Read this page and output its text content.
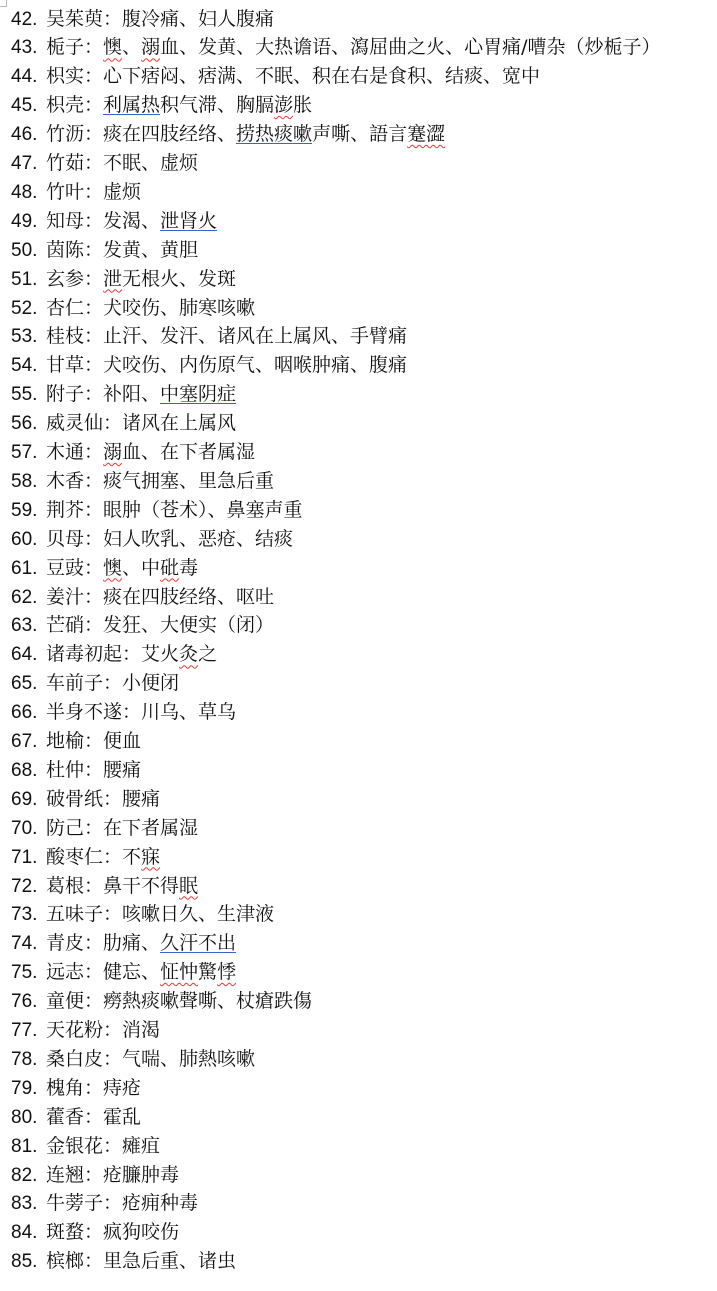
42. 吴茱萸：腹冷痛、妇人腹痛
43. 栀子：懊、溺血、发黄、大热谵语、瀉屈曲之火、心胃痛/嘈杂（炒栀子）
44. 枳实：心下痞闷、痞满、不眠、积在右是食积、结痰、宽中
45. 枳壳：利属热积气滞、胸膈澎胀
46. 竹沥：痰在四肢经络、捞热痰嗽声嘶、語言蹇澀
47. 竹茹：不眠、虚烦
48. 竹叶：虚烦
49. 知母：发渴、泄肾火
50. 茵陈：发黄、黄胆
51. 玄参：泄无根火、发斑
52. 杏仁：犬咬伤、肺寒咳嗽
53. 桂枝：止汗、发汗、诸风在上属风、手臂痛
54. 甘草：犬咬伤、内伤原气、咽喉肿痛、腹痛
55. 附子：补阳、中塞阴症
56. 威灵仙：诸风在上属风
57. 木通：溺血、在下者属湿
58. 木香：痰气拥塞、里急后重
59. 荆芥：眼肿（苍术）、鼻塞声重
60. 贝母：妇人吹乳、恶疮、结痰
61. 豆豉：懊、中砒毒
62. 姜汁：痰在四肢经络、呕吐
63. 芒硝：发狂、大便实（闭）
64. 诸毒初起：艾火灸之
65. 车前子：小便闭
66. 半身不遂：川乌、草乌
67. 地榆：便血
68. 杜仲：腰痛
69. 破骨纸：腰痛
70. 防己：在下者属湿
71. 酸枣仁：不寐
72. 葛根：鼻干不得眠
73. 五味子：咳嗽日久、生津液
74. 青皮：肋痛、久汗不出
75. 远志：健忘、怔忡驚悸
76. 童便：癆熱痰嗽聲嘶、杖瘡跌傷
77. 天花粉：消渴
78. 桑白皮：气喘、肺熱咳嗽
79. 槐角：痔疮
80. 藿香：霍乱
81. 金银花：瘫疽
82. 连翘：疮臁肿毒
83. 牛蒡子：疮痈种毒
84. 斑蝥：疯狗咬伤
85. 槟榔：里急后重、诸虫
